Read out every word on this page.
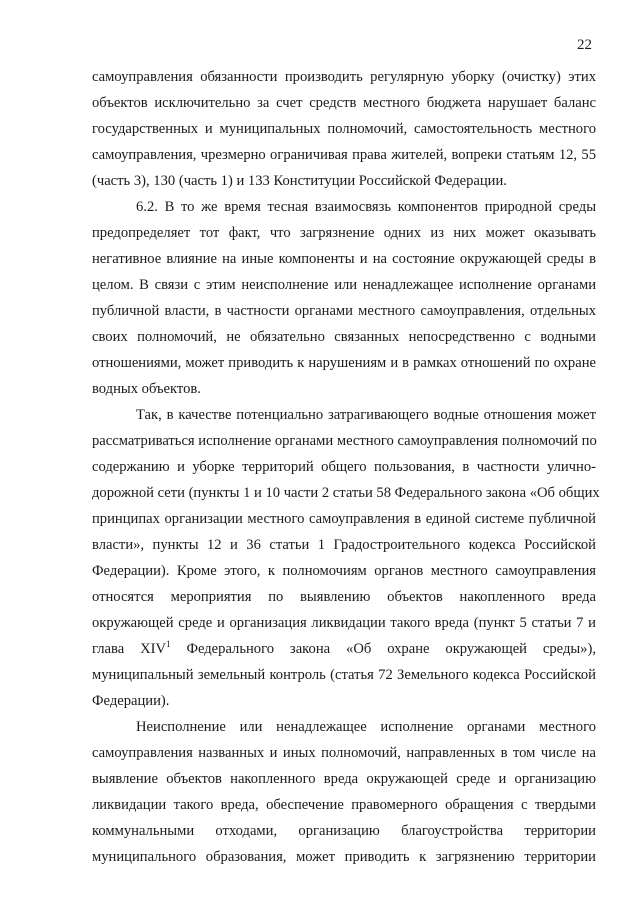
22
самоуправления обязанности производить регулярную уборку (очистку) этих
объектов исключительно за счет средств местного бюджета нарушает баланс
государственных и муниципальных полномочий, самостоятельность местного
самоуправления, чрезмерно ограничивая права жителей, вопреки статьям 12, 55
(часть 3), 130 (часть 1) и 133 Конституции Российской Федерации.
6.2. В то же время тесная взаимосвязь компонентов природной среды
предопределяет тот факт, что загрязнение одних из них может оказывать
негативное влияние на иные компоненты и на состояние окружающей среды в
целом. В связи с этим неисполнение или ненадлежащее исполнение органами
публичной власти, в частности органами местного самоуправления, отдельных
своих полномочий, не обязательно связанных непосредственно с водными
отношениями, может приводить к нарушениям и в рамках отношений по охране
водных объектов.
Так, в качестве потенциально затрагивающего водные отношения может
рассматриваться исполнение органами местного самоуправления полномочий по
содержанию и уборке территорий общего пользования, в частности улично-
дорожной сети (пункты 1 и 10 части 2 статьи 58 Федерального закона «Об общих
принципах организации местного самоуправления в единой системе публичной
власти», пункты 12 и 36 статьи 1 Градостроительного кодекса Российской
Федерации). Кроме этого, к полномочиям органов местного самоуправления
относятся мероприятия по выявлению объектов накопленного вреда
окружающей среде и организация ликвидации такого вреда (пункт 5 статьи 7 и
глава XIV$^1$ Федерального закона «Об охране окружающей среды»),
муниципальный земельный контроль (статья 72 Земельного кодекса Российской
Федерации).
Неисполнение или ненадлежащее исполнение органами местного
самоуправления названных и иных полномочий, направленных в том числе на
выявление объектов накопленного вреда окружающей среде и организацию
ликвидации такого вреда, обеспечение правомерного обращения с твердыми
коммунальными отходами, организацию благоустройства территории
муниципального образования, может приводить к загрязнению территории
